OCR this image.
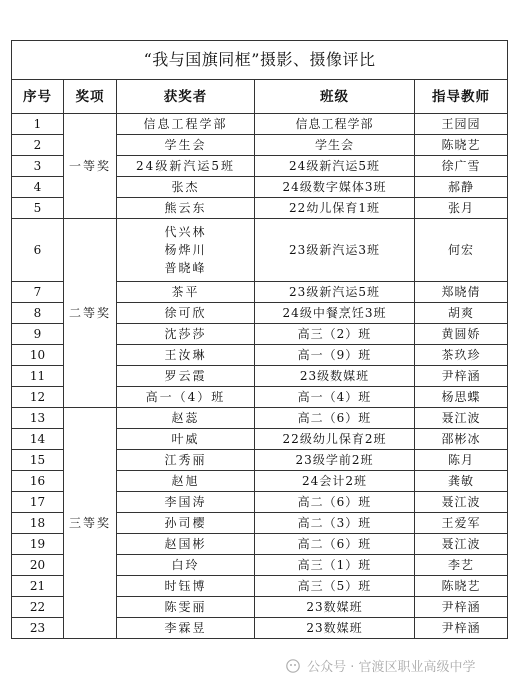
“我与国旗同框”摄影、摄像评比				
序号	奖项	获奖者	班级	指导教师
1	一等奖	信息工程学部	信息工程学部	王园园
2		学生会	学生会	陈晓艺
3		24级新汽运5班	24级新汽运5班	徐广雪
4		张杰	24级数字媒体3班	郝静
5		熊云东	22幼儿保育1班	张月
6	二等奖	代兴林
杨烨川
普晓峰	23级新汽运3班	何宏
7		茶平	23级新汽运5班	郑晓倩
8		徐可欣	24级中餐烹饪3班	胡爽
9		沈莎莎	高三（2）班	黄圆娇
10		王汝琳	高一（9）班	茶玖珍
11		罗云霞	23级数媒班	尹梓涵
12		高一（4）班	高一（4）班	杨思蝶
13	三等奖	赵蕊	高二（6）班	聂江波
14		叶威	22级幼儿保育2班	邵彬冰
15		江秀丽	23级学前2班	陈月
16		赵旭	24会计2班	龚敏
17		李国涛	高二（6）班	聂江波
18		孙司樱	高二（3）班	王爱军
19		赵国彬	高二（6）班	聂江波
20		白玲	高三（1）班	李艺
21		时钰博	高三（5）班	陈晓艺
22		陈雯丽	23数媒班	尹梓涵
23		李霖昱	23数媒班	尹梓涵
公众号 · 官渡区职业高级中学
